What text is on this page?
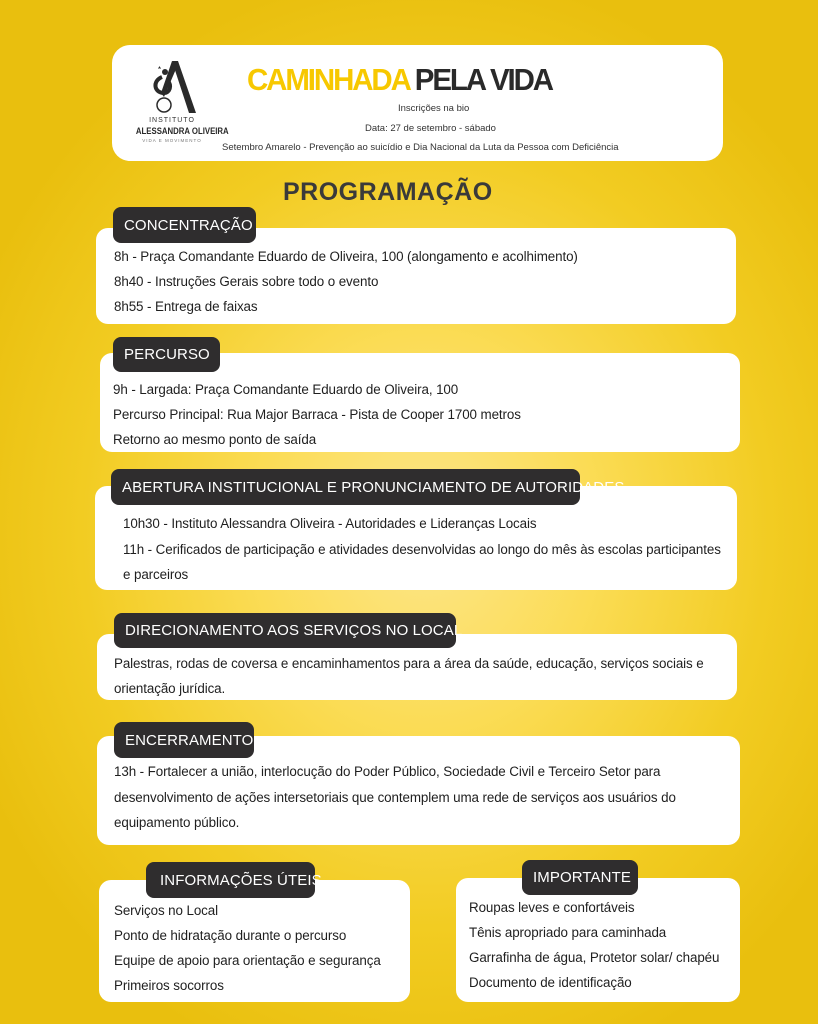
INSTITUTO
ALESSANDRA OLIVEIRA
VIDA E MOVIMENTO
CAMINHADA PELA VIDA
Inscrições na bio
Data: 27 de setembro - sábado
Setembro Amarelo - Prevenção ao suicídio e Dia Nacional da Luta da Pessoa com Deficiência
PROGRAMAÇÃO
8h - Praça Comandante Eduardo de Oliveira, 100 (alongamento e acolhimento)
8h40 - Instruções Gerais sobre todo o evento
8h55 - Entrega de faixas
CONCENTRAÇÃO
9h - Largada: Praça Comandante Eduardo de Oliveira, 100
Percurso Principal: Rua Major Barraca - Pista de Cooper 1700 metros
Retorno ao mesmo ponto de saída
PERCURSO
10h30 - Instituto Alessandra Oliveira - Autoridades e Lideranças Locais
11h - Cerificados de participação e atividades desenvolvidas ao longo do mês às escolas participantes
e parceiros
ABERTURA INSTITUCIONAL E PRONUNCIAMENTO DE AUTORIDADES
Palestras, rodas de coversa e encaminhamentos para a área da saúde, educação, serviços sociais e
orientação jurídica.
DIRECIONAMENTO AOS SERVIÇOS NO LOCAL
13h - Fortalecer a união, interlocução do Poder Público, Sociedade Civil e Terceiro Setor para
desenvolvimento de ações intersetoriais que contemplem uma rede de serviços aos usuários do
equipamento público.
ENCERRAMENTO
Serviços no Local
Ponto de hidratação durante o percurso
Equipe de apoio para orientação e segurança
Primeiros socorros
INFORMAÇÕES ÚTEIS
Roupas leves e confortáveis
Tênis apropriado para caminhada
Garrafinha de água, Protetor solar/ chapéu
Documento de identificação
IMPORTANTE
